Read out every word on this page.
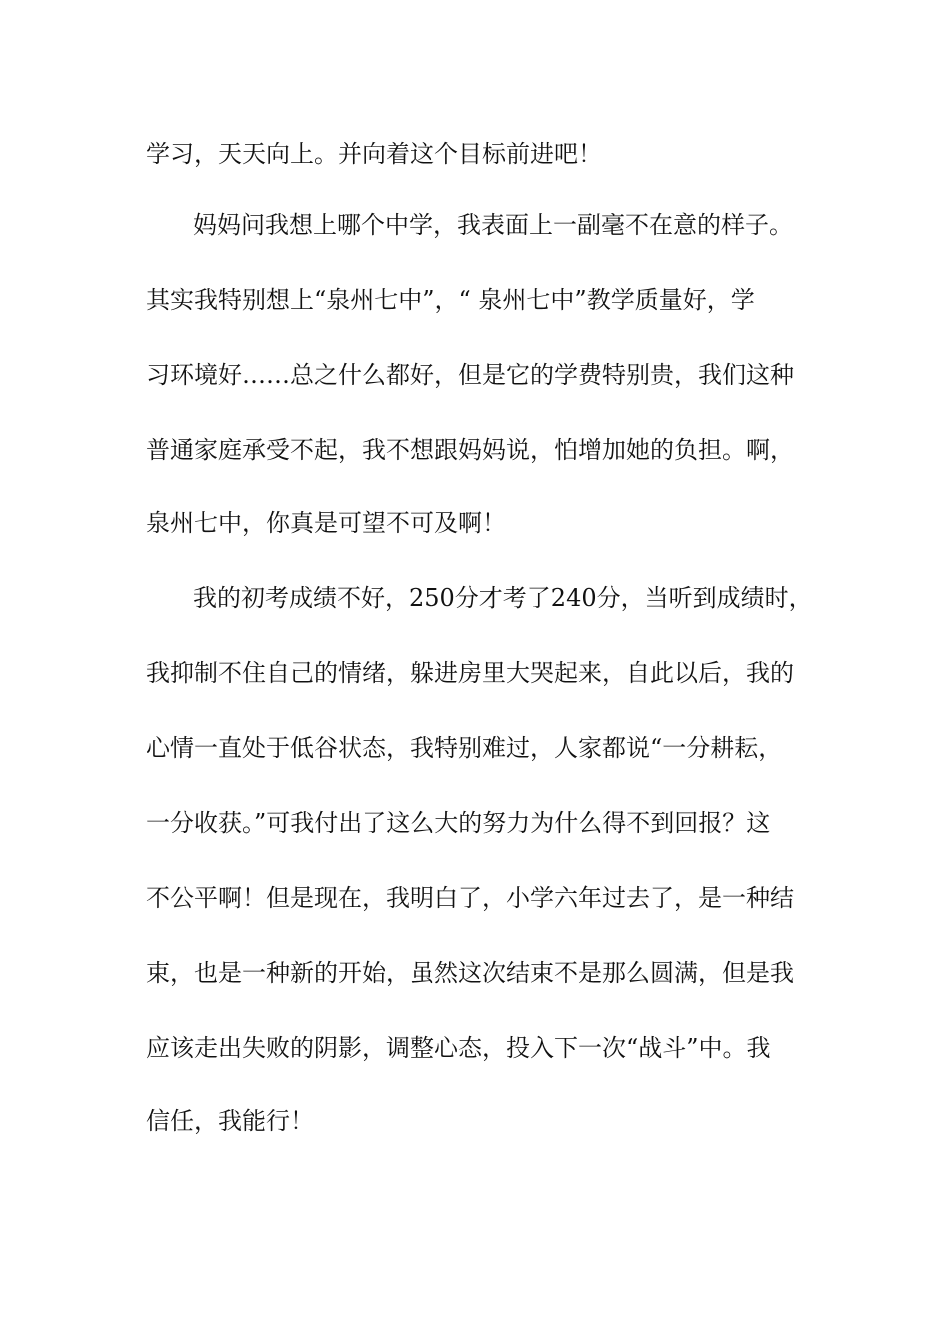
学习，天天向上。并向着这个目标前进吧！
妈妈问我想上哪个中学，我表面上一副毫不在意的样子。
其实我特别想上“泉州七中”，“ 泉州七中”教学质量好，学
习环境好……总之什么都好，但是它的学费特别贵，我们这种
普通家庭承受不起，我不想跟妈妈说，怕增加她的负担。啊，
泉州七中，你真是可望不可及啊！
我的初考成绩不好，250分才考了240分，当听到成绩时，
我抑制不住自己的情绪，躲进房里大哭起来，自此以后，我的
心情一直处于低谷状态，我特别难过，人家都说“一分耕耘，
一分收获。”可我付出了这么大的努力为什么得不到回报？这
不公平啊！但是现在，我明白了，小学六年过去了，是一种结
束，也是一种新的开始，虽然这次结束不是那么圆满，但是我
应该走出失败的阴影，调整心态，投入下一次“战斗”中。我
信任，我能行！
